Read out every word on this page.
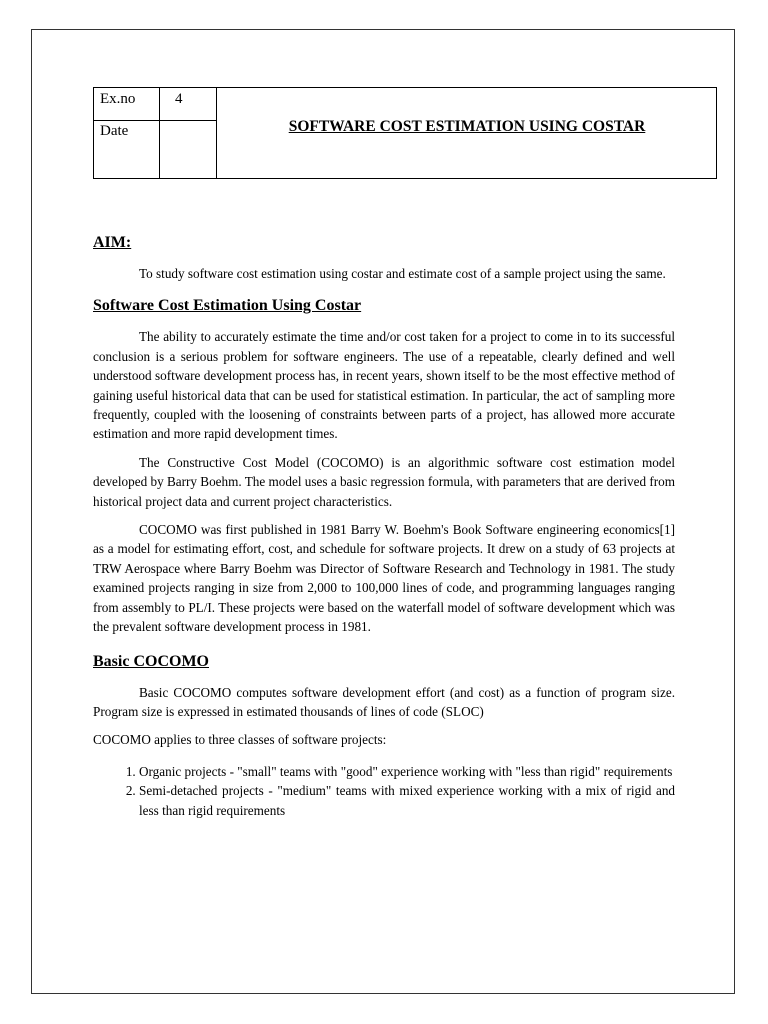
Ex.no	4
Date	SOFTWARE COST ESTIMATION USING COSTAR
AIM:

To study software cost estimation using costar and estimate cost of a sample project using the same.

Software Cost Estimation Using Costar

The ability to accurately estimate the time and/or cost taken for a project to come in to its successful conclusion is a serious problem for software engineers. The use of a repeatable, clearly defined and well understood software development process has, in recent years, shown itself to be the most effective method of gaining useful historical data that can be used for statistical estimation. In particular, the act of sampling more frequently, coupled with the loosening of constraints between parts of a project, has allowed more accurate estimation and more rapid development times.

The Constructive Cost Model (COCOMO) is an algorithmic software cost estimation model developed by Barry Boehm. The model uses a basic regression formula, with parameters that are derived from historical project data and current project characteristics.

COCOMO was first published in 1981 Barry W. Boehm's Book Software engineering economics[1] as a model for estimating effort, cost, and schedule for software projects. It drew on a study of 63 projects at TRW Aerospace where Barry Boehm was Director of Software Research and Technology in 1981. The study examined projects ranging in size from 2,000 to 100,000 lines of code, and programming languages ranging from assembly to PL/I. These projects were based on the waterfall model of software development which was the prevalent software development process in 1981.

Basic COCOMO

Basic COCOMO computes software development effort (and cost) as a function of program size. Program size is expressed in estimated thousands of lines of code (SLOC)

COCOMO applies to three classes of software projects:

1. Organic projects - "small" teams with "good" experience working with "less than rigid" requirements
2. Semi-detached projects - "medium" teams with mixed experience working with a mix of rigid and less than rigid requirements
